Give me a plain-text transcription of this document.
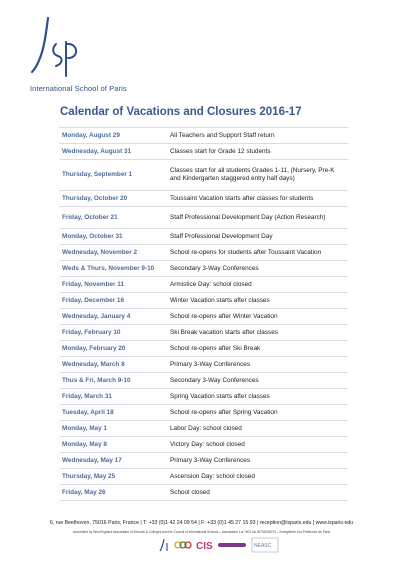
International School of Paris
Calendar of Vacations and Closures 2016-17
Monday, August 29	All Teachers and Support Staff return
Wednesday, August 31	Classes start for Grade 12 students
Thursday, September 1	Classes start for all students Grades 1-11, (Nursery, Pre-K and Kindergarten staggered entry half days)
Thursday, October 20	Toussaint Vacation starts after classes for students
Friday, October 21	Staff Professional Development Day (Action Research)
Monday, October 31	Staff Professional Development Day
Wednesday, November 2	School re-opens for students after Toussaint Vacation
Weds & Thurs, November 9-10	Secondary 3-Way Conferences
Friday, November 11	Armistice Day: school closed
Friday, December 16	Winter Vacation starts after classes
Wednesday, January 4	School re-opens after Winter Vacation
Friday, February 10	Ski Break vacation starts after classes
Monday, February 20	School re-opens after Ski Break
Wednesday, March 8	Primary 3-Way Conferences
Thus & Fri, March 9-10	Secondary 3-Way Conferences
Friday, March 31	Spring Vacation starts after classes
Tuesday, April 18	School re-opens after Spring Vacation
Monday, May 1	Labor Day: school closed
Monday, May 8	Victory Day: school closed
Wednesday, May 17	Primary 3-Way Conferences
Thursday, May 25	Ascension Day: school closed
Friday, May 26	School closed
6, rue Beethoven, 75016 Paris, France | T: +33 (0)1 42 24 09 54 | F: +33 (0)1 45 27 15 93 | reception@isparis.edu | www.isparis.edu
Accredited by New England Association of Schools & Colleges and the Council of International Schools – Association Loi 1901 No.W751000074 – Enregistrée à la Préfecture de Paris
CIS	NEASC
